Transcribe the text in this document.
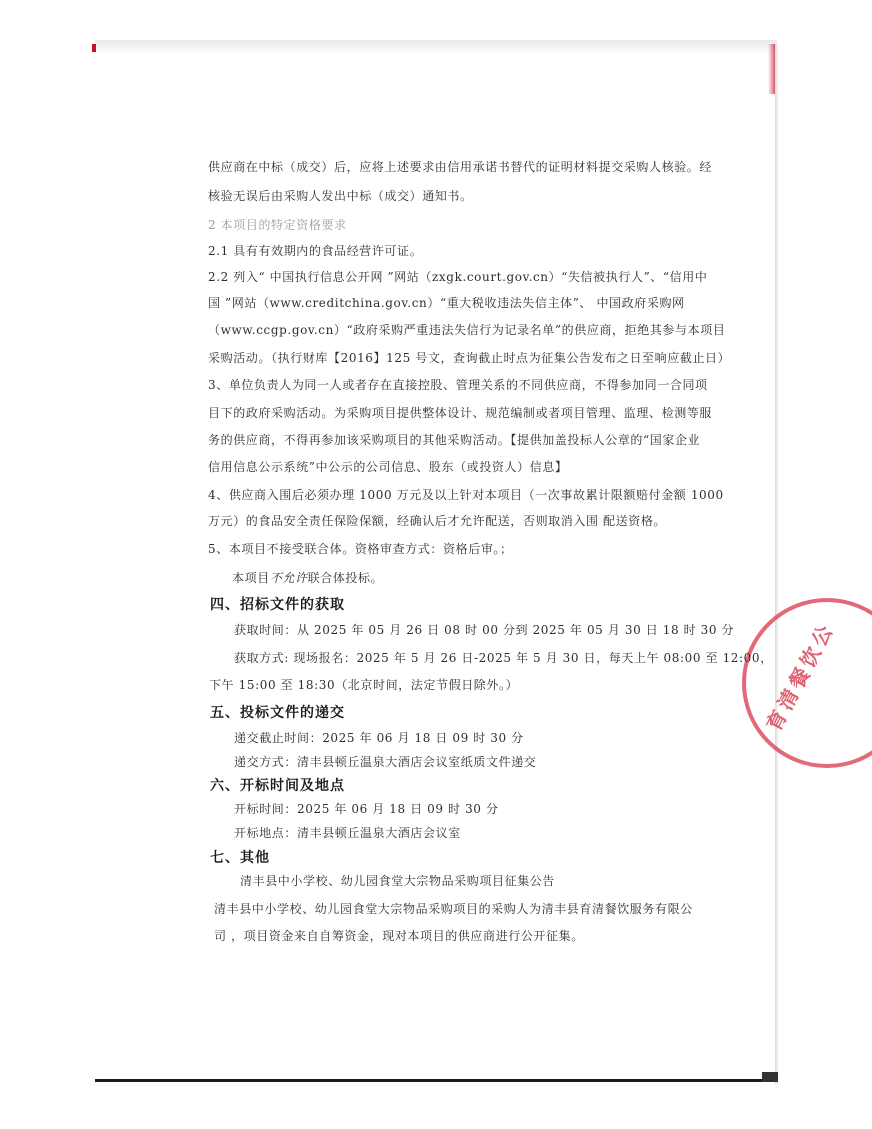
育清餐饮公
供应商在中标（成交）后，应将上述要求由信用承诺书替代的证明材料提交采购人核验。经
核验无误后由采购人发出中标（成交）通知书。
2 本项目的特定资格要求
2.1 具有有效期内的食品经营许可证。
2.2 列入“ 中国执行信息公开网 ”网站（zxgk.court.gov.cn）“失信被执行人”、“信用中
国 ”网站（www.creditchina.gov.cn）“重大税收违法失信主体”、 中国政府采购网
（www.ccgp.gov.cn）“政府采购严重违法失信行为记录名单”的供应商，拒绝其参与本项目
采购活动。（执行财库【2016】125 号文，查询截止时点为征集公告发布之日至响应截止日）
3、单位负责人为同一人或者存在直接控股、管理关系的不同供应商，不得参加同一合同项
目下的政府采购活动。为采购项目提供整体设计、规范编制或者项目管理、监理、检测等服
务的供应商，不得再参加该采购项目的其他采购活动。【提供加盖投标人公章的“国家企业
信用信息公示系统”中公示的公司信息、股东（或投资人）信息】
4、供应商入围后必须办理 1000 万元及以上针对本项目（一次事故累计限额赔付金额 1000
万元）的食品安全责任保险保额，经确认后才允许配送，否则取消入围 配送资格。
5、本项目不接受联合体。资格审查方式：资格后审。；
本项目不允许联合体投标。
四、招标文件的获取
获取时间：从 2025 年 05 月 26 日 08 时 00 分到 2025 年 05 月 30 日 18 时 30 分
获取方式: 现场报名：2025 年 5 月 26 日-2025 年 5 月 30 日，每天上午 08:00 至 12:00，
下午 15:00 至 18:30（北京时间，法定节假日除外。）
五、投标文件的递交
递交截止时间：2025 年 06 月 18 日 09 时 30 分
递交方式：清丰县顿丘温泉大酒店会议室纸质文件递交
六、开标时间及地点
开标时间：2025 年 06 月 18 日 09 时 30 分
开标地点：清丰县顿丘温泉大酒店会议室
七、其他
清丰县中小学校、幼儿园食堂大宗物品采购项目征集公告
清丰县中小学校、幼儿园食堂大宗物品采购项目的采购人为清丰县育清餐饮服务有限公
司 ，项目资金来自自筹资金，现对本项目的供应商进行公开征集。
